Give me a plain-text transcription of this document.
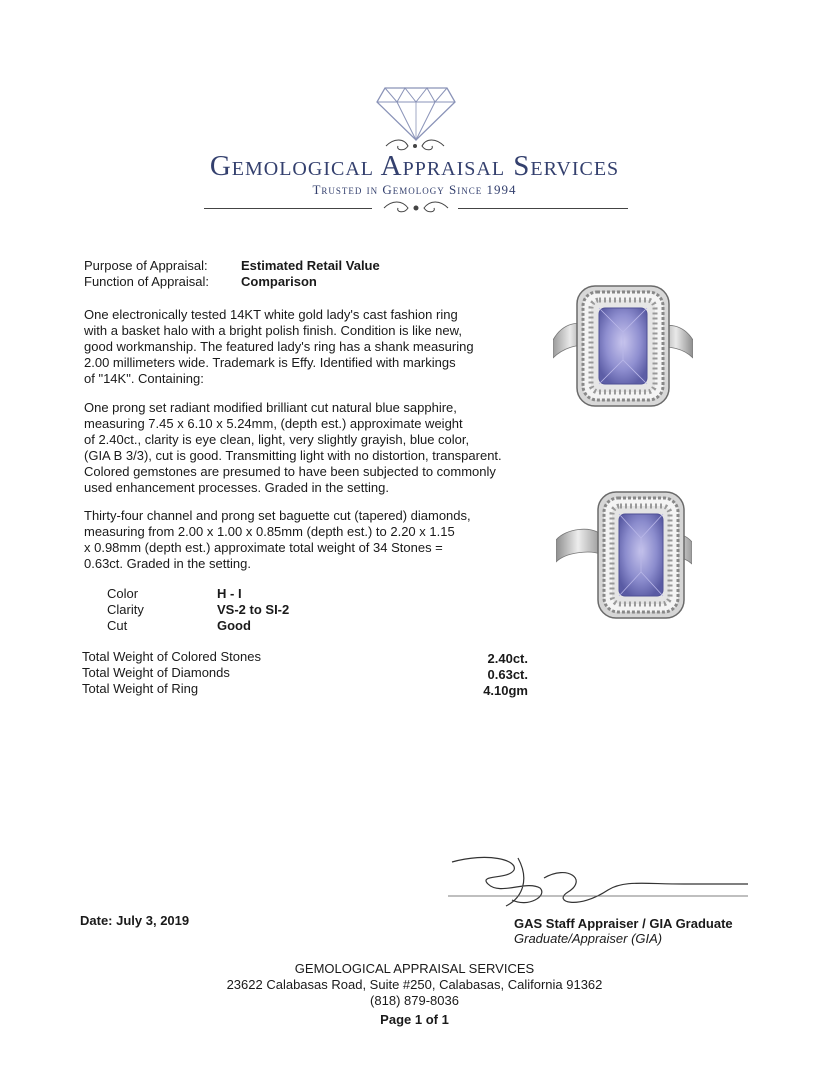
Gemological Appraisal Services
Trusted in Gemology Since 1994
Purpose of Appraisal:	Estimated Retail Value
Function of Appraisal: Comparison
One electronically tested 14KT white gold lady's cast fashion ring
with a basket halo with a bright polish finish. Condition is like new,
good workmanship. The featured lady's ring has a shank measuring
2.00 millimeters wide. Trademark is Effy. Identified with markings
of "14K". Containing:
One prong set radiant modified brilliant cut natural blue sapphire,
measuring 7.45 x 6.10 x 5.24mm, (depth est.) approximate weight
of 2.40ct., clarity is eye clean, light, very slightly grayish, blue color,
(GIA B 3/3), cut is good. Transmitting light with no distortion, transparent.
Colored gemstones are presumed to have been subjected to commonly
used enhancement processes. Graded in the setting.
Thirty-four channel and prong set baguette cut (tapered) diamonds,
measuring from 2.00 x 1.00 x 0.85mm (depth est.) to 2.20 x 1.15
x 0.98mm (depth est.) approximate total weight of 34 Stones =
0.63ct. Graded in the setting.
Color	H - I
Clarity	VS-2 to SI-2
Cut	Good
Total Weight of Colored Stones	2.40ct.
Total Weight of Diamonds	0.63ct.
Total Weight of Ring	4.10gm
Date: July 3, 2019	GAS Staff Appraiser / GIA Graduate
Graduate/Appraiser (GIA)
GEMOLOGICAL APPRAISAL SERVICES
23622 Calabasas Road, Suite #250, Calabasas, California 91362
(818) 879-8036
Page 1 of 1
